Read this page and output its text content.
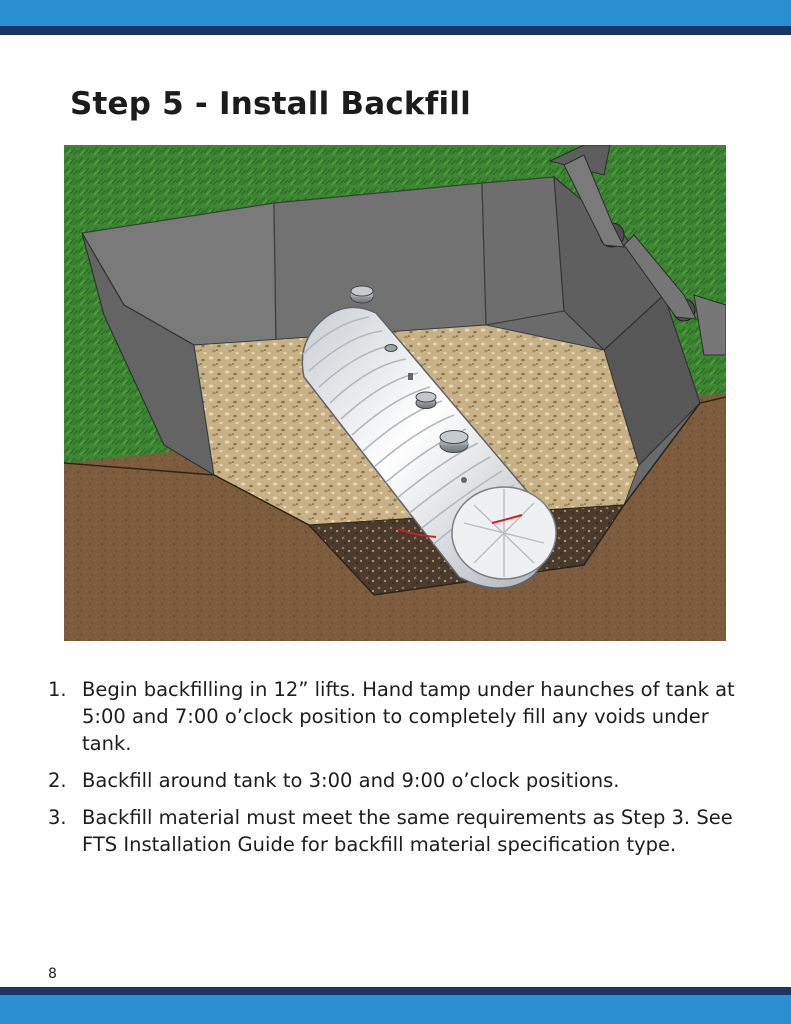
Step 5 - Install Backfill
1. Begin backfilling in 12” lifts. Hand tamp under haunches of tank at 5:00 and 7:00 o’clock position to completely fill any voids under tank.
2. Backfill around tank to 3:00 and 9:00 o’clock positions.
3. Backfill material must meet the same requirements as Step 3. See FTS Installation Guide for backfill material specification type.
8
